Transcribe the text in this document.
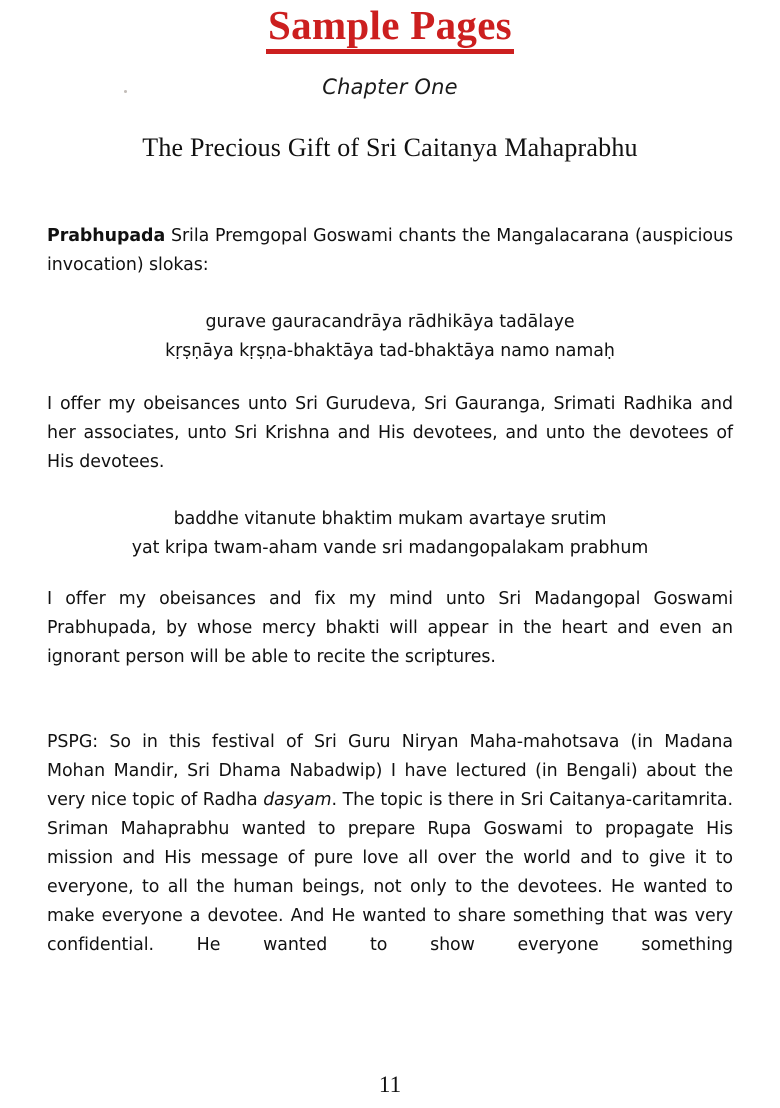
Sample Pages
Chapter One
The Precious Gift of Sri Caitanya Mahaprabhu

Prabhupada Srila Premgopal Goswami chants the Mangalacarana (auspicious invocation) slokas:

gurave gauracandrāya rādhikāya tadālaye
kṛṣṇāya kṛṣṇa-bhaktāya tad-bhaktāya namo namaḥ

I offer my obeisances unto Sri Gurudeva, Sri Gauranga, Srimati Radhika and her associates, unto Sri Krishna and His devotees, and unto the devotees of His devotees.

baddhe vitanute bhaktim mukam avartaye srutim
yat kripa twam-aham vande sri madangopalakam prabhum

I offer my obeisances and fix my mind unto Sri Madangopal Goswami Prabhupada, by whose mercy bhakti will appear in the heart and even an ignorant person will be able to recite the scriptures.

PSPG: So in this festival of Sri Guru Niryan Maha-mahotsava (in Madana Mohan Mandir, Sri Dhama Nabadwip) I have lectured (in Bengali) about the very nice topic of Radha dasyam. The topic is there in Sri Caitanya-caritamrita. Sriman Mahaprabhu wanted to prepare Rupa Goswami to propagate His mission and His message of pure love all over the world and to give it to everyone, to all the human beings, not only to the devotees. He wanted to make everyone a devotee. And He wanted to share something that was very confidential. He wanted to show everyone something

11
